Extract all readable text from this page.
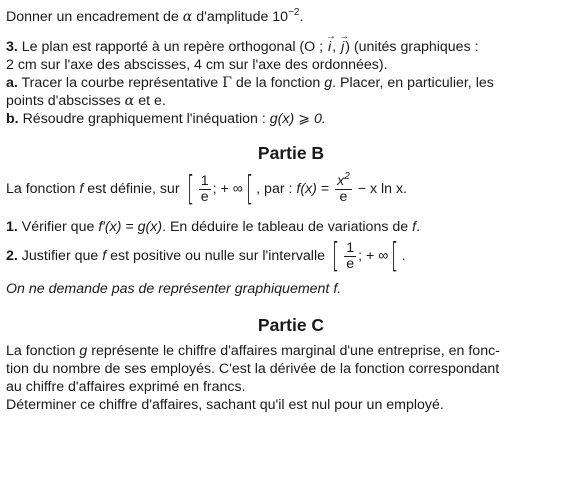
Donner un encadrement de α d'amplitude $10^{-2}$.

3. Le plan est rapporté à un repère orthogonal (O ; → i, → j) (unités graphiques :

2 cm sur l'axe des abscisses, 4 cm sur l'axe des ordonnées).

a. Tracer la courbe représentative Γ de la fonction g. Placer, en particulier, les

points d'abscisses α et e.

b. Résoudre graphiquement l'inéquation : g(x) ⩾ 0.

Partie B
La fonction
f
est définie, sur
[ $\frac{1}{e}$ ; + ∞ [ , par :
f(x)
=
$\frac{x^2}{e}$
− x ln x.

1. Vérifier que f′(x) = g(x). En déduire le tableau de variations de f.

2.
Justifier que
f
est positive ou nulle sur l'intervalle
[ $\frac{1}{e}$ ; + ∞ [ .

On ne demande pas de représenter graphiquement f.

Partie C

La fonction g représente le chiffre d'affaires marginal d'une entreprise, en fonc-

tion du nombre de ses employés. C'est la dérivée de la fonction correspondant

au chiffre d'affaires exprimé en francs.

Déterminer ce chiffre d'affaires, sachant qu'il est nul pour un employé.
